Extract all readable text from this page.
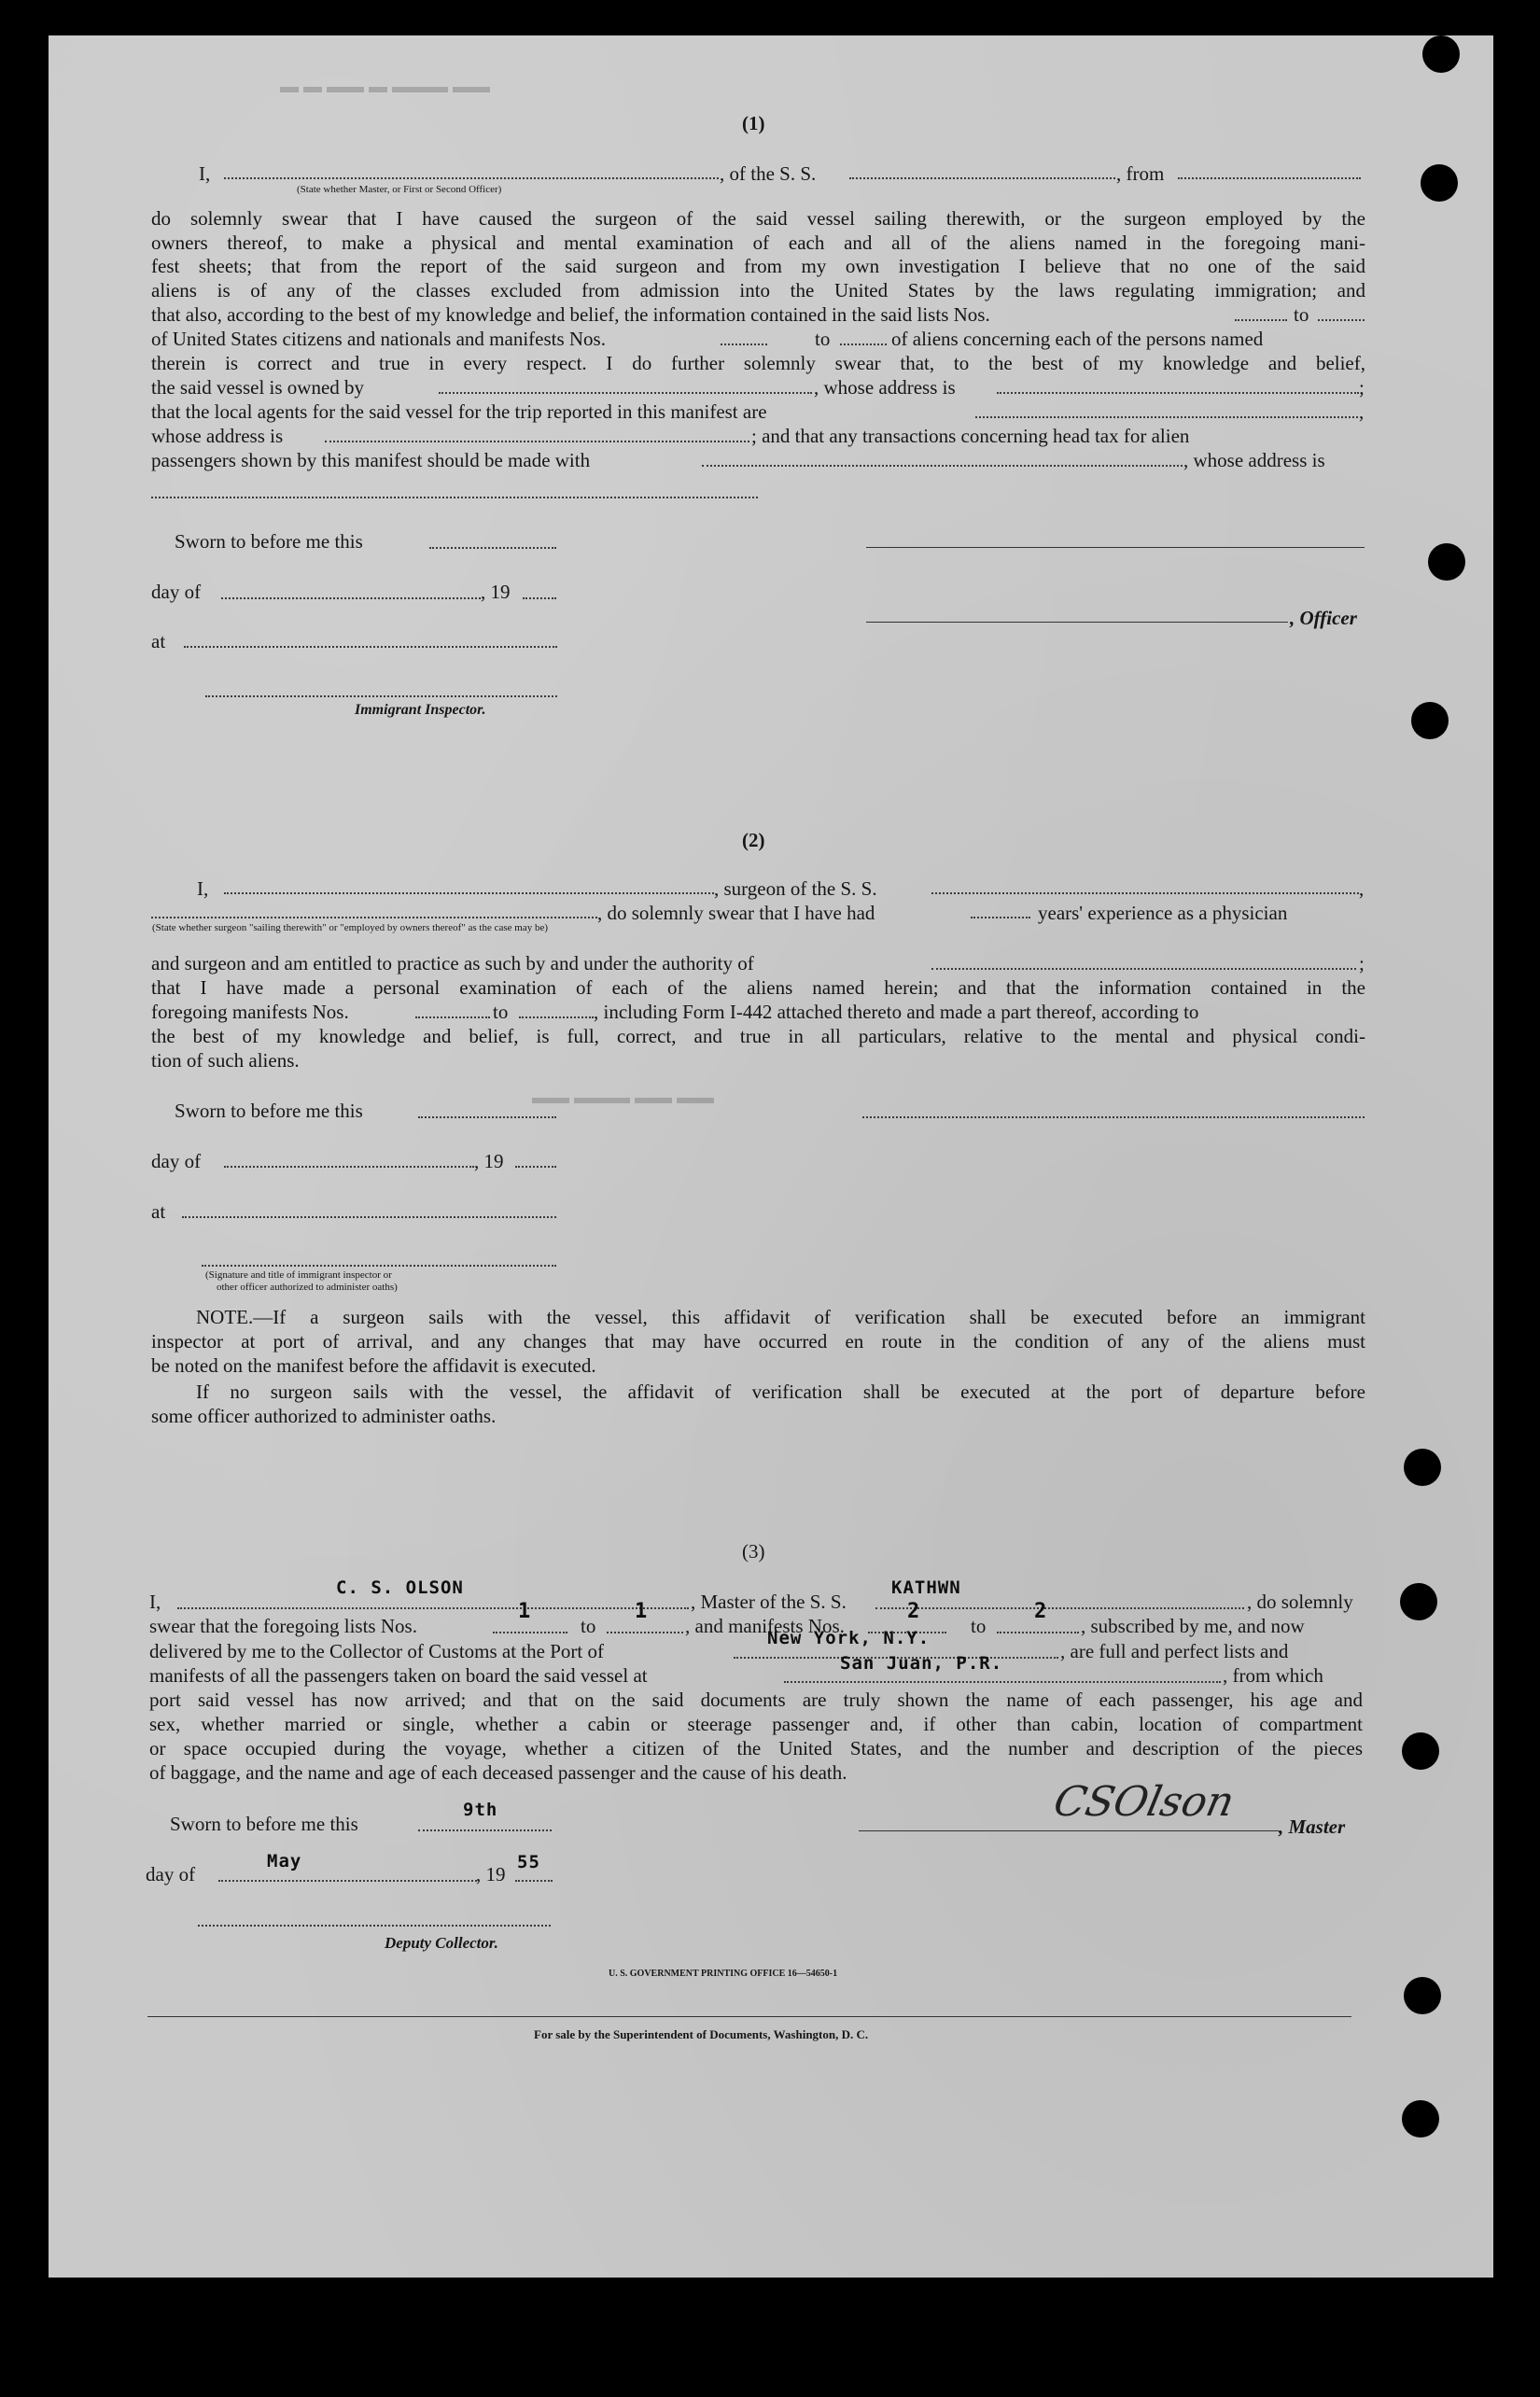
▬ ▬ ▬▬ ▬ ▬▬▬ ▬▬
▬▬ ▬▬▬ ▬▬ ▬▬
(1)
I,	, of the S. S.	, from
(State whether Master, or First or Second Officer)
do solemnly swear that I have caused the surgeon of the said vessel sailing therewith, or the surgeon employed by the
owners thereof, to make a physical and mental examination of each and all of the aliens named in the foregoing mani-
fest sheets; that from the report of the said surgeon and from my own investigation I believe that no one of the said
aliens is of any of the classes excluded from admission into the United States by the laws regulating immigration; and
that also, according to the best of my knowledge and belief, the information contained in the said lists Nos.	to
of United States citizens and nationals and manifests Nos.	to	of aliens concerning each of the persons named
therein is correct and true in every respect. I do further solemnly swear that, to the best of my knowledge and belief,
the said vessel is owned by	, whose address is	;
that the local agents for the said vessel for the trip reported in this manifest are	,
whose address is	; and that any transactions concerning head tax for alien
passengers shown by this manifest should be made with	, whose address is
Sworn to before me this
day of	, 19
, Officer
at
Immigrant Inspector.
(2)
I,	, surgeon of the S. S.	,
, do solemnly swear that I have had	years' experience as a physician
(State whether surgeon "sailing therewith" or "employed by owners thereof" as the case may be)
and surgeon and am entitled to practice as such by and under the authority of	;
that I have made a personal examination of each of the aliens named herein; and that the information contained in the
foregoing manifests Nos.	to	, including Form I-442 attached thereto and made a part thereof, according to
the best of my knowledge and belief, is full, correct, and true in all particulars, relative to the mental and physical condi-
tion of such aliens.
Sworn to before me this
day of	, 19
at
(Signature and title of immigrant inspector or
other officer authorized to administer oaths)
NOTE.—If a surgeon sails with the vessel, this affidavit of verification shall be executed before an immigrant
inspector at port of arrival, and any changes that may have occurred en route in the condition of any of the aliens must
be noted on the manifest before the affidavit is executed.
If no surgeon sails with the vessel, the affidavit of verification shall be executed at the port of departure before
some officer authorized to administer oaths.
(3)
I,
C. S. OLSON
, Master of the S. S.
KATHWN
, do solemnly
swear that the foregoing lists Nos.
1
to
1
, and manifests Nos.
2
to
2
, subscribed by me, and now
delivered by me to the Collector of Customs at the Port of
New York, N.Y.
, are full and perfect lists and
manifests of all the passengers taken on board the said vessel at
San Juan, P.R.
, from which
port said vessel has now arrived; and that on the said documents are truly shown the name of each passenger, his age and
sex, whether married or single, whether a cabin or steerage passenger and, if other than cabin, location of compartment
or space occupied during the voyage, whether a citizen of the United States, and the number and description of the pieces
of baggage, and the name and age of each deceased passenger and the cause of his death.
Sworn to before me this
9th	CSOlson
, Master
day of
May
, 19
55
Deputy Collector.
U. S. GOVERNMENT PRINTING OFFICE 16—54650-1
For sale by the Superintendent of Documents, Washington, D. C.
